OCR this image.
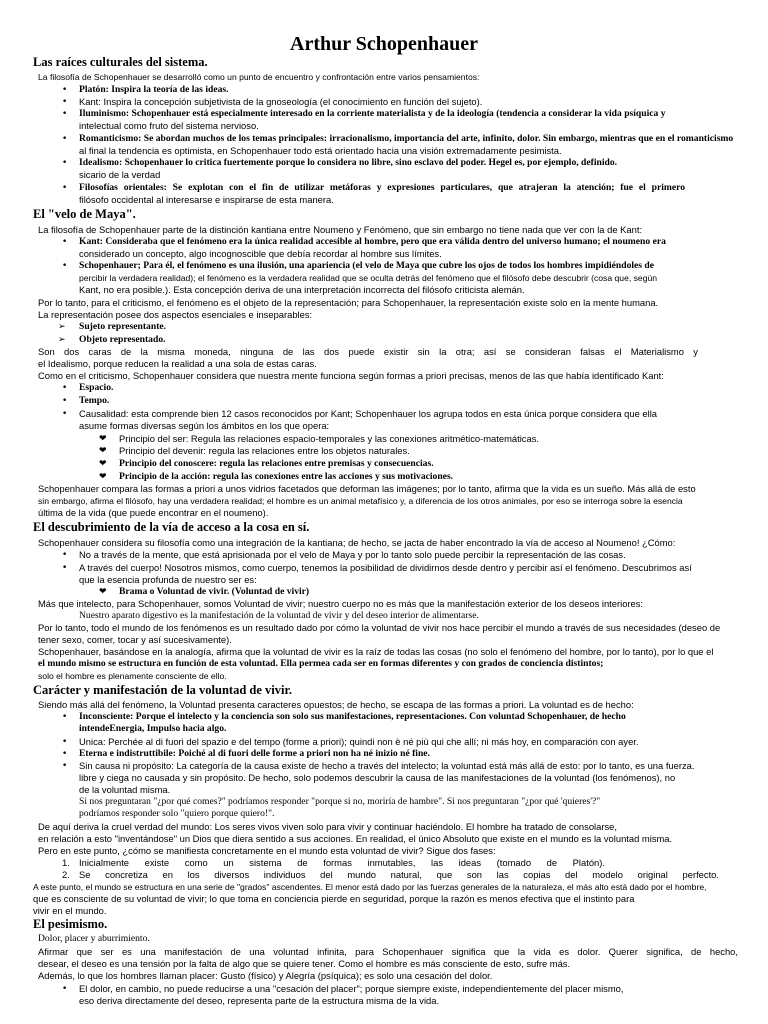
Arthur Schopenhauer
Las raíces culturales del sistema.
La filosofía de Schopenhauer se desarrolló como un punto de encuentro y confrontación entre varios pensamientos:
• Platón: Inspira la teoría de las ideas.
• Kant: Inspira la concepción subjetivista de la gnoseología (el conocimiento en función del sujeto).
• Iluminismo: Schopenhauer está especialmente interesado en la corriente materialista y de la ideología (tendencia a considerar la vida psíquica y
intelectual como fruto del sistema nervioso.
• Romanticismo: Se abordan muchos de los temas principales: irracionalismo, importancia del arte, infinito, dolor. Sin embargo, mientras que en el romanticismo
al final la tendencia es optimista, en Schopenhauer todo está orientado hacia una visión extremadamente pesimista.
• Idealismo: Schopenhauer lo critica fuertemente porque lo considera no libre, sino esclavo del poder. Hegel es, por ejemplo, definido.
sicario de la verdad
• Filosofías orientales: Se explotan con el fin de utilizar metáforas y expresiones particulares, que atrajeran la atención; fue el primero
filósofo occidental al interesarse e inspirarse de esta manera.
El "velo de Maya".
La filosofía de Schopenhauer parte de la distinción kantiana entre Noumeno y Fenómeno, que sin embargo no tiene nada que ver con la de Kant:
• Kant: Consideraba que el fenómeno era la única realidad accesible al hombre, pero que era válida dentro del universo humano; el noumeno era
considerado un concepto, algo incognoscible que debía recordar al hombre sus límites.
• Schopenhauer; Para él, el fenómeno es una ilusión, una apariencia (el velo de Maya que cubre los ojos de todos los hombres impidiéndoles de
percibir la verdadera realidad); el fenómeno es la verdadera realidad que se oculta detrás del fenómeno que el filósofo debe descubrir (cosa que, según
Kant, no era posible.). Esta concepción deriva de una interpretación incorrecta del filósofo criticista alemán.
Por lo tanto, para el criticismo, el fenómeno es el objeto de la representación; para Schopenhauer, la representación existe solo en la mente humana.
La representación posee dos aspectos esenciales e inseparables:
➢ Sujeto representante.
➢ Objeto representado.
Son dos caras de la misma moneda, ninguna de las dos puede existir sin la otra; así se consideran falsas el Materialismo y
el Idealismo, porque reducen la realidad a una sola de estas caras.
Como en el criticismo, Schopenhauer considera que nuestra mente funciona según formas a priori precisas, menos de las que había identificado Kant:
• Espacio.
• Tempo.
• Causalidad: esta comprende bien 12 casos reconocidos por Kant; Schopenhauer los agrupa todos en esta única porque considera que ella
asume formas diversas según los ámbitos en los que opera:
❤ Principio del ser: Regula las relaciones espacio-temporales y las conexiones aritmético-matemáticas.
❤ Principio del devenir: regula las relaciones entre los objetos naturales.
❤ Principio del conoscere: regula las relaciones entre premisas y consecuencias.
❤ Principio de la acción: regula las conexiones entre las acciones y sus motivaciones.
Schopenhauer compara las formas a priori a unos vidrios facetados que deforman las imágenes; por lo tanto, afirma que la vida es un sueño. Más allá de esto
sin embargo, afirma el filósofo, hay una verdadera realidad; el hombre es un animal metafísico y, a diferencia de los otros animales, por eso se interroga sobre la esencia
última de la vida (que puede encontrar en el noumeno).
El descubrimiento de la vía de acceso a la cosa en sí.
Schopenhauer considera su filosofía como una integración de la kantiana; de hecho, se jacta de haber encontrado la vía de acceso al Noumeno! ¿Cómo:
• No a través de la mente, que está aprisionada por el velo de Maya y por lo tanto solo puede percibir la representación de las cosas.
• A través del cuerpo! Nosotros mismos, como cuerpo, tenemos la posibilidad de dividirnos desde dentro y percibir así el fenómeno. Descubrimos así
que la esencia profunda de nuestro ser es:
❤ Brama o Voluntad de vivir. (Voluntad de vivir)
Más que intelecto, para Schopenhauer, somos Voluntad de vivir; nuestro cuerpo no es más que la manifestación exterior de los deseos interiores:
Nuestro aparato digestivo es la manifestación de la voluntad de vivir y del deseo interior de alimentarse.
Por lo tanto, todo el mundo de los fenómenos es un resultado dado por cómo la voluntad de vivir nos hace percibir el mundo a través de sus necesidades (deseo de
tener sexo, comer, tocar y así sucesivamente).
Schopenhauer, basándose en la analogía, afirma que la voluntad de vivir es la raíz de todas las cosas (no solo el fenómeno del hombre, por lo tanto), por lo que el
el mundo mismo se estructura en función de esta voluntad. Ella permea cada ser en formas diferentes y con grados de conciencia distintos;
solo el hombre es plenamente consciente de ello.
Carácter y manifestación de la voluntad de vivir.
Siendo más allá del fenómeno, la Voluntad presenta caracteres opuestos; de hecho, se escapa de las formas a priori. La voluntad es de hecho:
• Inconsciente: Porque el intelecto y la conciencia son solo sus manifestaciones, representaciones. Con voluntad Schopenhauer, de hecho
intendeEnergia, Impulso hacia algo.
• Unica: Perchée al di fuori del spazio e del tempo (forme a priori); quindi non è né più qui che allí; ni más hoy, en comparación con ayer.
• Eterna e indistruttibile: Poiché al di fuori delle forme a priori non ha né inizio né fine.
• Sin causa ni propósito: La categoría de la causa existe de hecho a través del intelecto; la voluntad está más allá de esto: por lo tanto, es una fuerza.
libre y ciega no causada y sin propósito. De hecho, solo podemos descubrir la causa de las manifestaciones de la voluntad (los fenómenos), no
de la voluntad misma.
Si nos preguntaran "¿por qué comes?" podríamos responder "porque si no, moriría de hambre". Si nos preguntaran "¿por qué 'quieres'?"
podríamos responder solo "quiero porque quiero!".
De aquí deriva la cruel verdad del mundo: Los seres vivos viven solo para vivir y continuar haciéndolo. El hombre ha tratado de consolarse,
en relación a esto "inventándose" un Dios que diera sentido a sus acciones. En realidad, el único Absoluto que existe en el mundo es la voluntad misma.
Pero en este punto, ¿cómo se manifiesta concretamente en el mundo esta voluntad de vivir? Sigue dos fases:
1. Inicialmente existe como un sistema de formas inmutables, las ideas (tomado de Platón).
2. Se concretiza en los diversos individuos del mundo natural, que son las copias del modelo original perfecto.
A este punto, el mundo se estructura en una serie de "grados" ascendentes. El menor está dado por las fuerzas generales de la naturaleza, el más alto está dado por el hombre,
que es consciente de su voluntad de vivir; lo que toma en conciencia pierde en seguridad, porque la razón es menos efectiva que el instinto para
vivir en el mundo.
El pesimismo.
Dolor, placer y aburrimiento.
Afirmar que ser es una manifestación de una voluntad infinita, para Schopenhauer significa que la vida es dolor. Querer significa, de hecho,
desear, el deseo es una tensión por la falta de algo que se quiere tener. Como el hombre es más consciente de esto, sufre más.
Además, lo que los hombres llaman placer: Gusto (físico) y Alegría (psíquica); es solo una cesación del dolor.
• El dolor, en cambio, no puede reducirse a una "cesación del placer"; porque siempre existe, independientemente del placer mismo,
eso deriva directamente del deseo, representa parte de la estructura misma de la vida.
